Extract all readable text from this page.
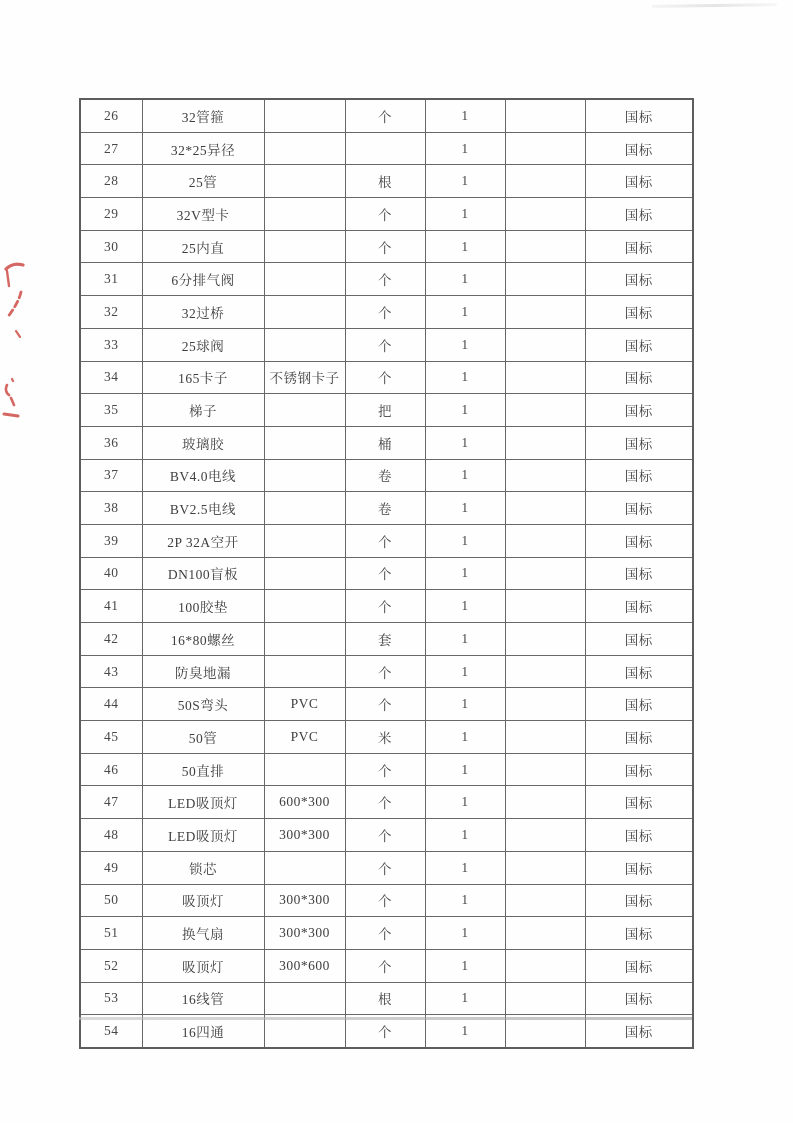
26	32管箍		个	1		国标
27	32*25异径			1		国标
28	25管		根	1		国标
29	32V型卡		个	1		国标
30	25内直		个	1		国标
31	6分排气阀		个	1		国标
32	32过桥		个	1		国标
33	25球阀		个	1		国标
34	165卡子	不锈钢卡子	个	1		国标
35	梯子		把	1		国标
36	玻璃胶		桶	1		国标
37	BV4.0电线		卷	1		国标
38	BV2.5电线		卷	1		国标
39	2P 32A空开		个	1		国标
40	DN100盲板		个	1		国标
41	100胶垫		个	1		国标
42	16*80螺丝		套	1		国标
43	防臭地漏		个	1		国标
44	50S弯头	PVC	个	1		国标
45	50管	PVC	米	1		国标
46	50直排		个	1		国标
47	LED吸顶灯	600*300	个	1		国标
48	LED吸顶灯	300*300	个	1		国标
49	锁芯		个	1		国标
50	吸顶灯	300*300	个	1		国标
51	换气扇	300*300	个	1		国标
52	吸顶灯	300*600	个	1		国标
53	16线管		根	1		国标
54	16四通		个	1		国标
